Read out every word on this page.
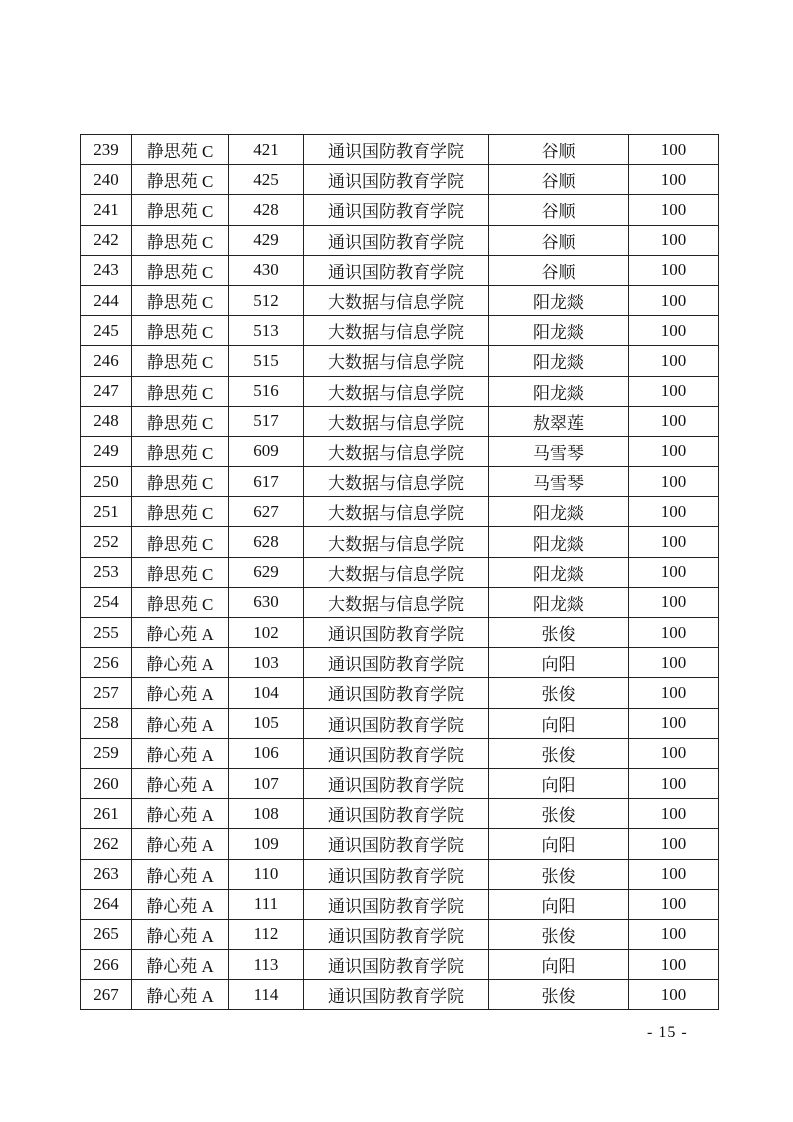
239	静思苑 C	421	通识国防教育学院	谷顺	100
240	静思苑 C	425	通识国防教育学院	谷顺	100
241	静思苑 C	428	通识国防教育学院	谷顺	100
242	静思苑 C	429	通识国防教育学院	谷顺	100
243	静思苑 C	430	通识国防教育学院	谷顺	100
244	静思苑 C	512	大数据与信息学院	阳龙燚	100
245	静思苑 C	513	大数据与信息学院	阳龙燚	100
246	静思苑 C	515	大数据与信息学院	阳龙燚	100
247	静思苑 C	516	大数据与信息学院	阳龙燚	100
248	静思苑 C	517	大数据与信息学院	敖翠莲	100
249	静思苑 C	609	大数据与信息学院	马雪琴	100
250	静思苑 C	617	大数据与信息学院	马雪琴	100
251	静思苑 C	627	大数据与信息学院	阳龙燚	100
252	静思苑 C	628	大数据与信息学院	阳龙燚	100
253	静思苑 C	629	大数据与信息学院	阳龙燚	100
254	静思苑 C	630	大数据与信息学院	阳龙燚	100
255	静心苑 A	102	通识国防教育学院	张俊	100
256	静心苑 A	103	通识国防教育学院	向阳	100
257	静心苑 A	104	通识国防教育学院	张俊	100
258	静心苑 A	105	通识国防教育学院	向阳	100
259	静心苑 A	106	通识国防教育学院	张俊	100
260	静心苑 A	107	通识国防教育学院	向阳	100
261	静心苑 A	108	通识国防教育学院	张俊	100
262	静心苑 A	109	通识国防教育学院	向阳	100
263	静心苑 A	110	通识国防教育学院	张俊	100
264	静心苑 A	111	通识国防教育学院	向阳	100
265	静心苑 A	112	通识国防教育学院	张俊	100
266	静心苑 A	113	通识国防教育学院	向阳	100
267	静心苑 A	114	通识国防教育学院	张俊	100
- 15 -
